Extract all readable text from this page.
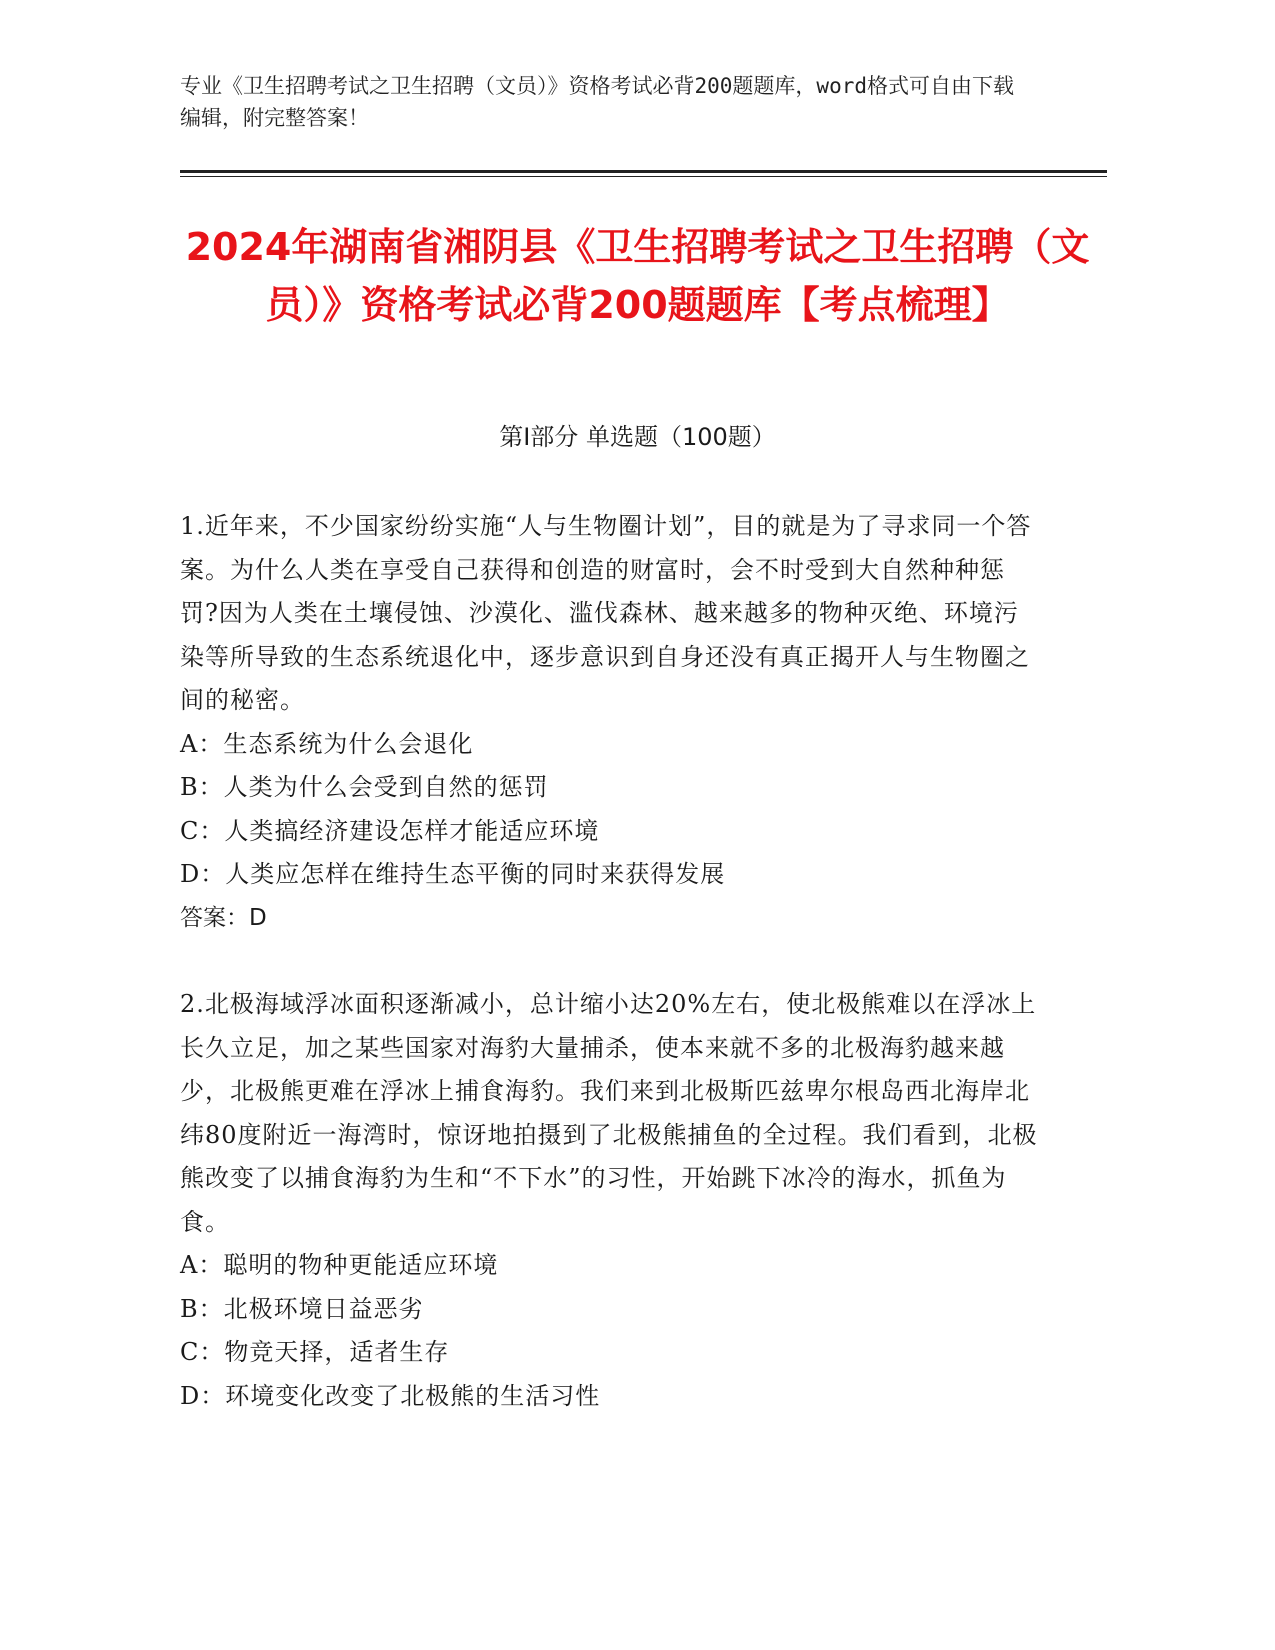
专业《卫生招聘考试之卫生招聘（文员）》资格考试必背200题题库，word格式可自由下载编辑，附完整答案！
2024年湖南省湘阴县《卫生招聘考试之卫生招聘（文员）》资格考试必背200题题库【考点梳理】
第Ⅰ部分 单选题（100题）

1.近年来，不少国家纷纷实施“人与生物圈计划”，目的就是为了寻求同一个答案。为什么人类在享受自己获得和创造的财富时，会不时受到大自然种种惩罚?因为人类在土壤侵蚀、沙漠化、滥伐森林、越来越多的物种灭绝、环境污染等所导致的生态系统退化中，逐步意识到自身还没有真正揭开人与生物圈之间的秘密。

A：生态系统为什么会退化

B：人类为什么会受到自然的惩罚

C：人类搞经济建设怎样才能适应环境

D：人类应怎样在维持生态平衡的同时来获得发展

答案：D

2.北极海域浮冰面积逐渐减小，总计缩小达20%左右，使北极熊难以在浮冰上长久立足，加之某些国家对海豹大量捕杀，使本来就不多的北极海豹越来越少，北极熊更难在浮冰上捕食海豹。我们来到北极斯匹兹卑尔根岛西北海岸北纬80度附近一海湾时，惊讶地拍摄到了北极熊捕鱼的全过程。我们看到，北极熊改变了以捕食海豹为生和“不下水”的习性，开始跳下冰冷的海水，抓鱼为食。

A：聪明的物种更能适应环境

B：北极环境日益恶劣

C：物竞天择，适者生存

D：环境变化改变了北极熊的生活习性
